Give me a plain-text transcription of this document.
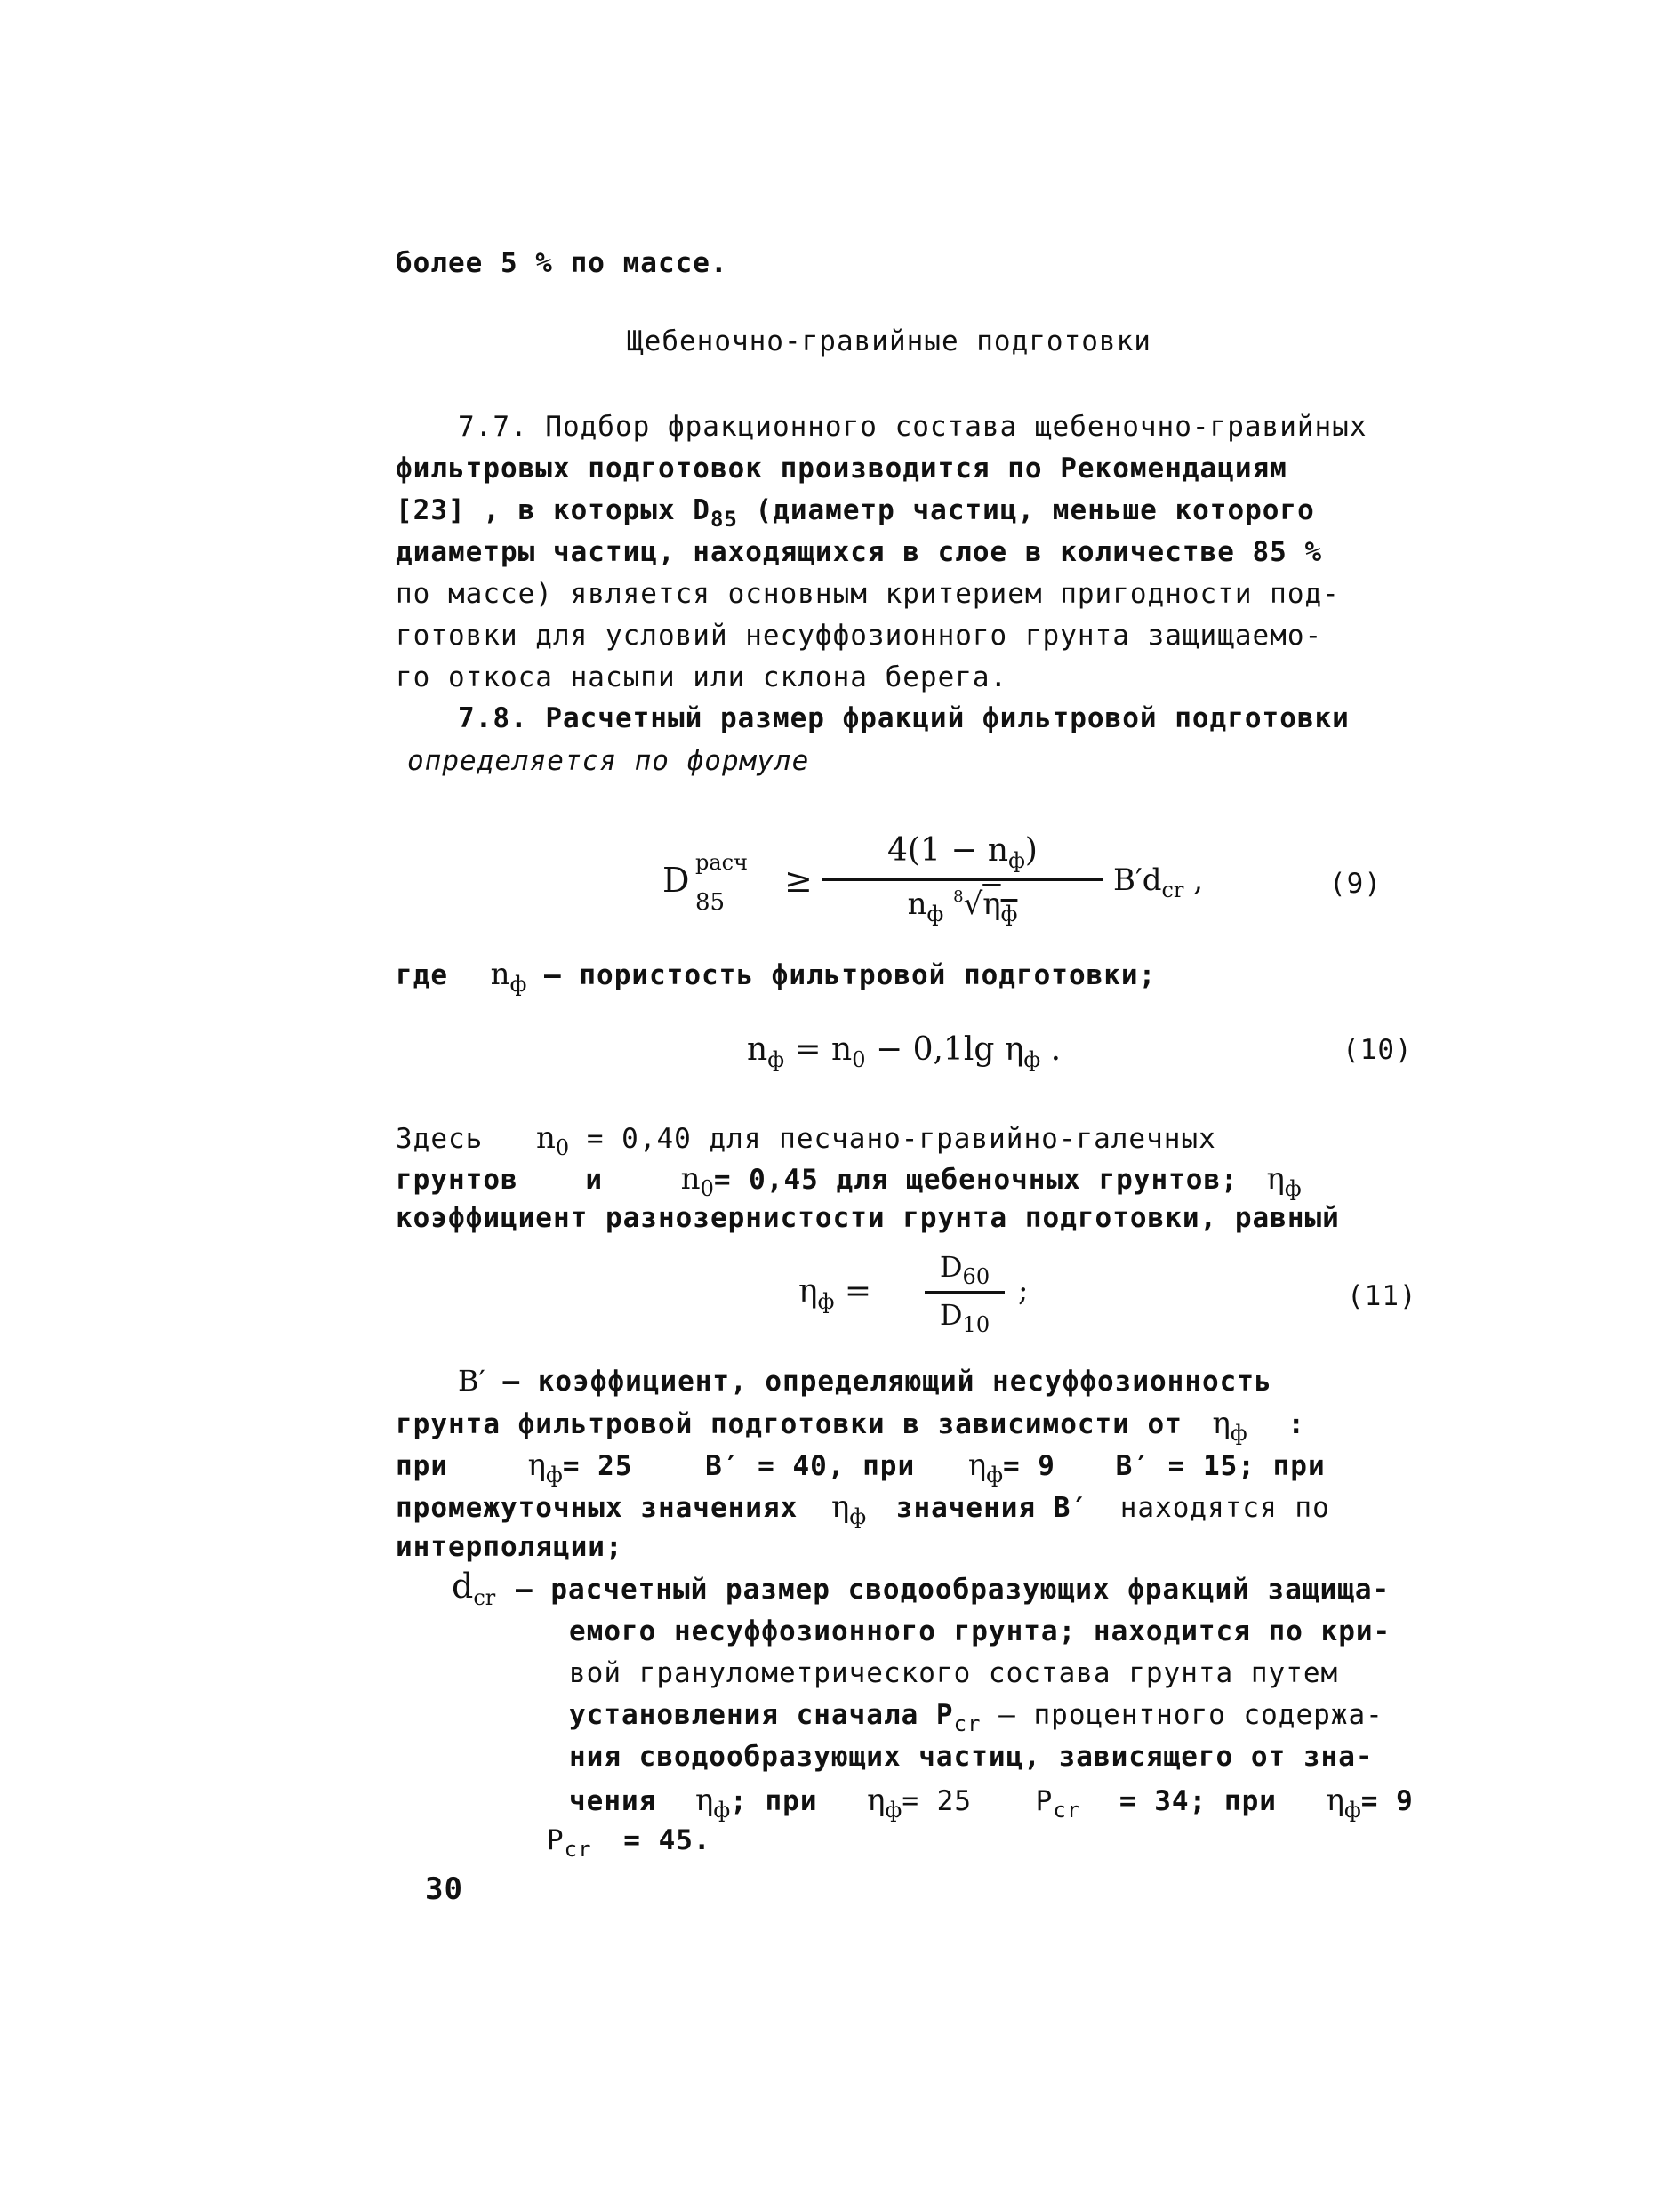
более 5 % по массе.
Щебеночно-гравийные подготовки
7.7. Подбор фракционного состава щебеночно-гравийных
фильтровых подготовок производится по Рекомендациям
[23] , в которых $D_{85}$ (диаметр частиц, меньше которого
диаметры частиц, находящихся в слое в количестве 85 %
по массе) является основным критерием пригодности под-
готовки для условий несуффозионного грунта защищаемо-
го откоса насыпи или склона берега.
7.8. Расчетный размер фракций фильтровой подготовки
определяется по формуле
D расч
85
≥
$4(1 - n_ф)$
$n_ф$ $^8√\eta_ф$
$B'd_{cr}$ ,	(9)
где $n_ф$ – пористость фильтровой подготовки;
$n_ф = n_0 - 0,1\lg$ $\eta_ф$ .	(10)
Здесь $n_0 = 0,40$ для песчано-гравийно-галечных
грунтов и	$n_0= 0,45$ для щебеночных грунтов; $\eta_ф$
коэффициент разнозернистости грунта подготовки, равный
$\eta_ф$ =
$D_{60}$
$D_{10}$
;	(11)
B′ – коэффициент, определяющий несуффозионность
грунта фильтровой подготовки в зависимости от $\eta_ф$ :
при	$\eta_ф= 25$	B′ = 40, при $\eta_ф= 9$ B′ = 15; при
промежуточных значениях $\eta_ф$ значения B′ находятся по
интерполяции;
$d_{cr}$ – расчетный размер сводообразующих фракций защища-
емого несуффозионного грунта; находится по кри-
вой гранулометрического состава грунта путем
установления сначала $P_{cr}$ – процентного содержа-
ния сводообразующих частиц, зависящего от зна-
чения $\eta_ф$; при $\eta_ф= 25$ $P_{cr} = 34$; при $\eta_ф= 9$
$P_{cr} = 45$.
30
